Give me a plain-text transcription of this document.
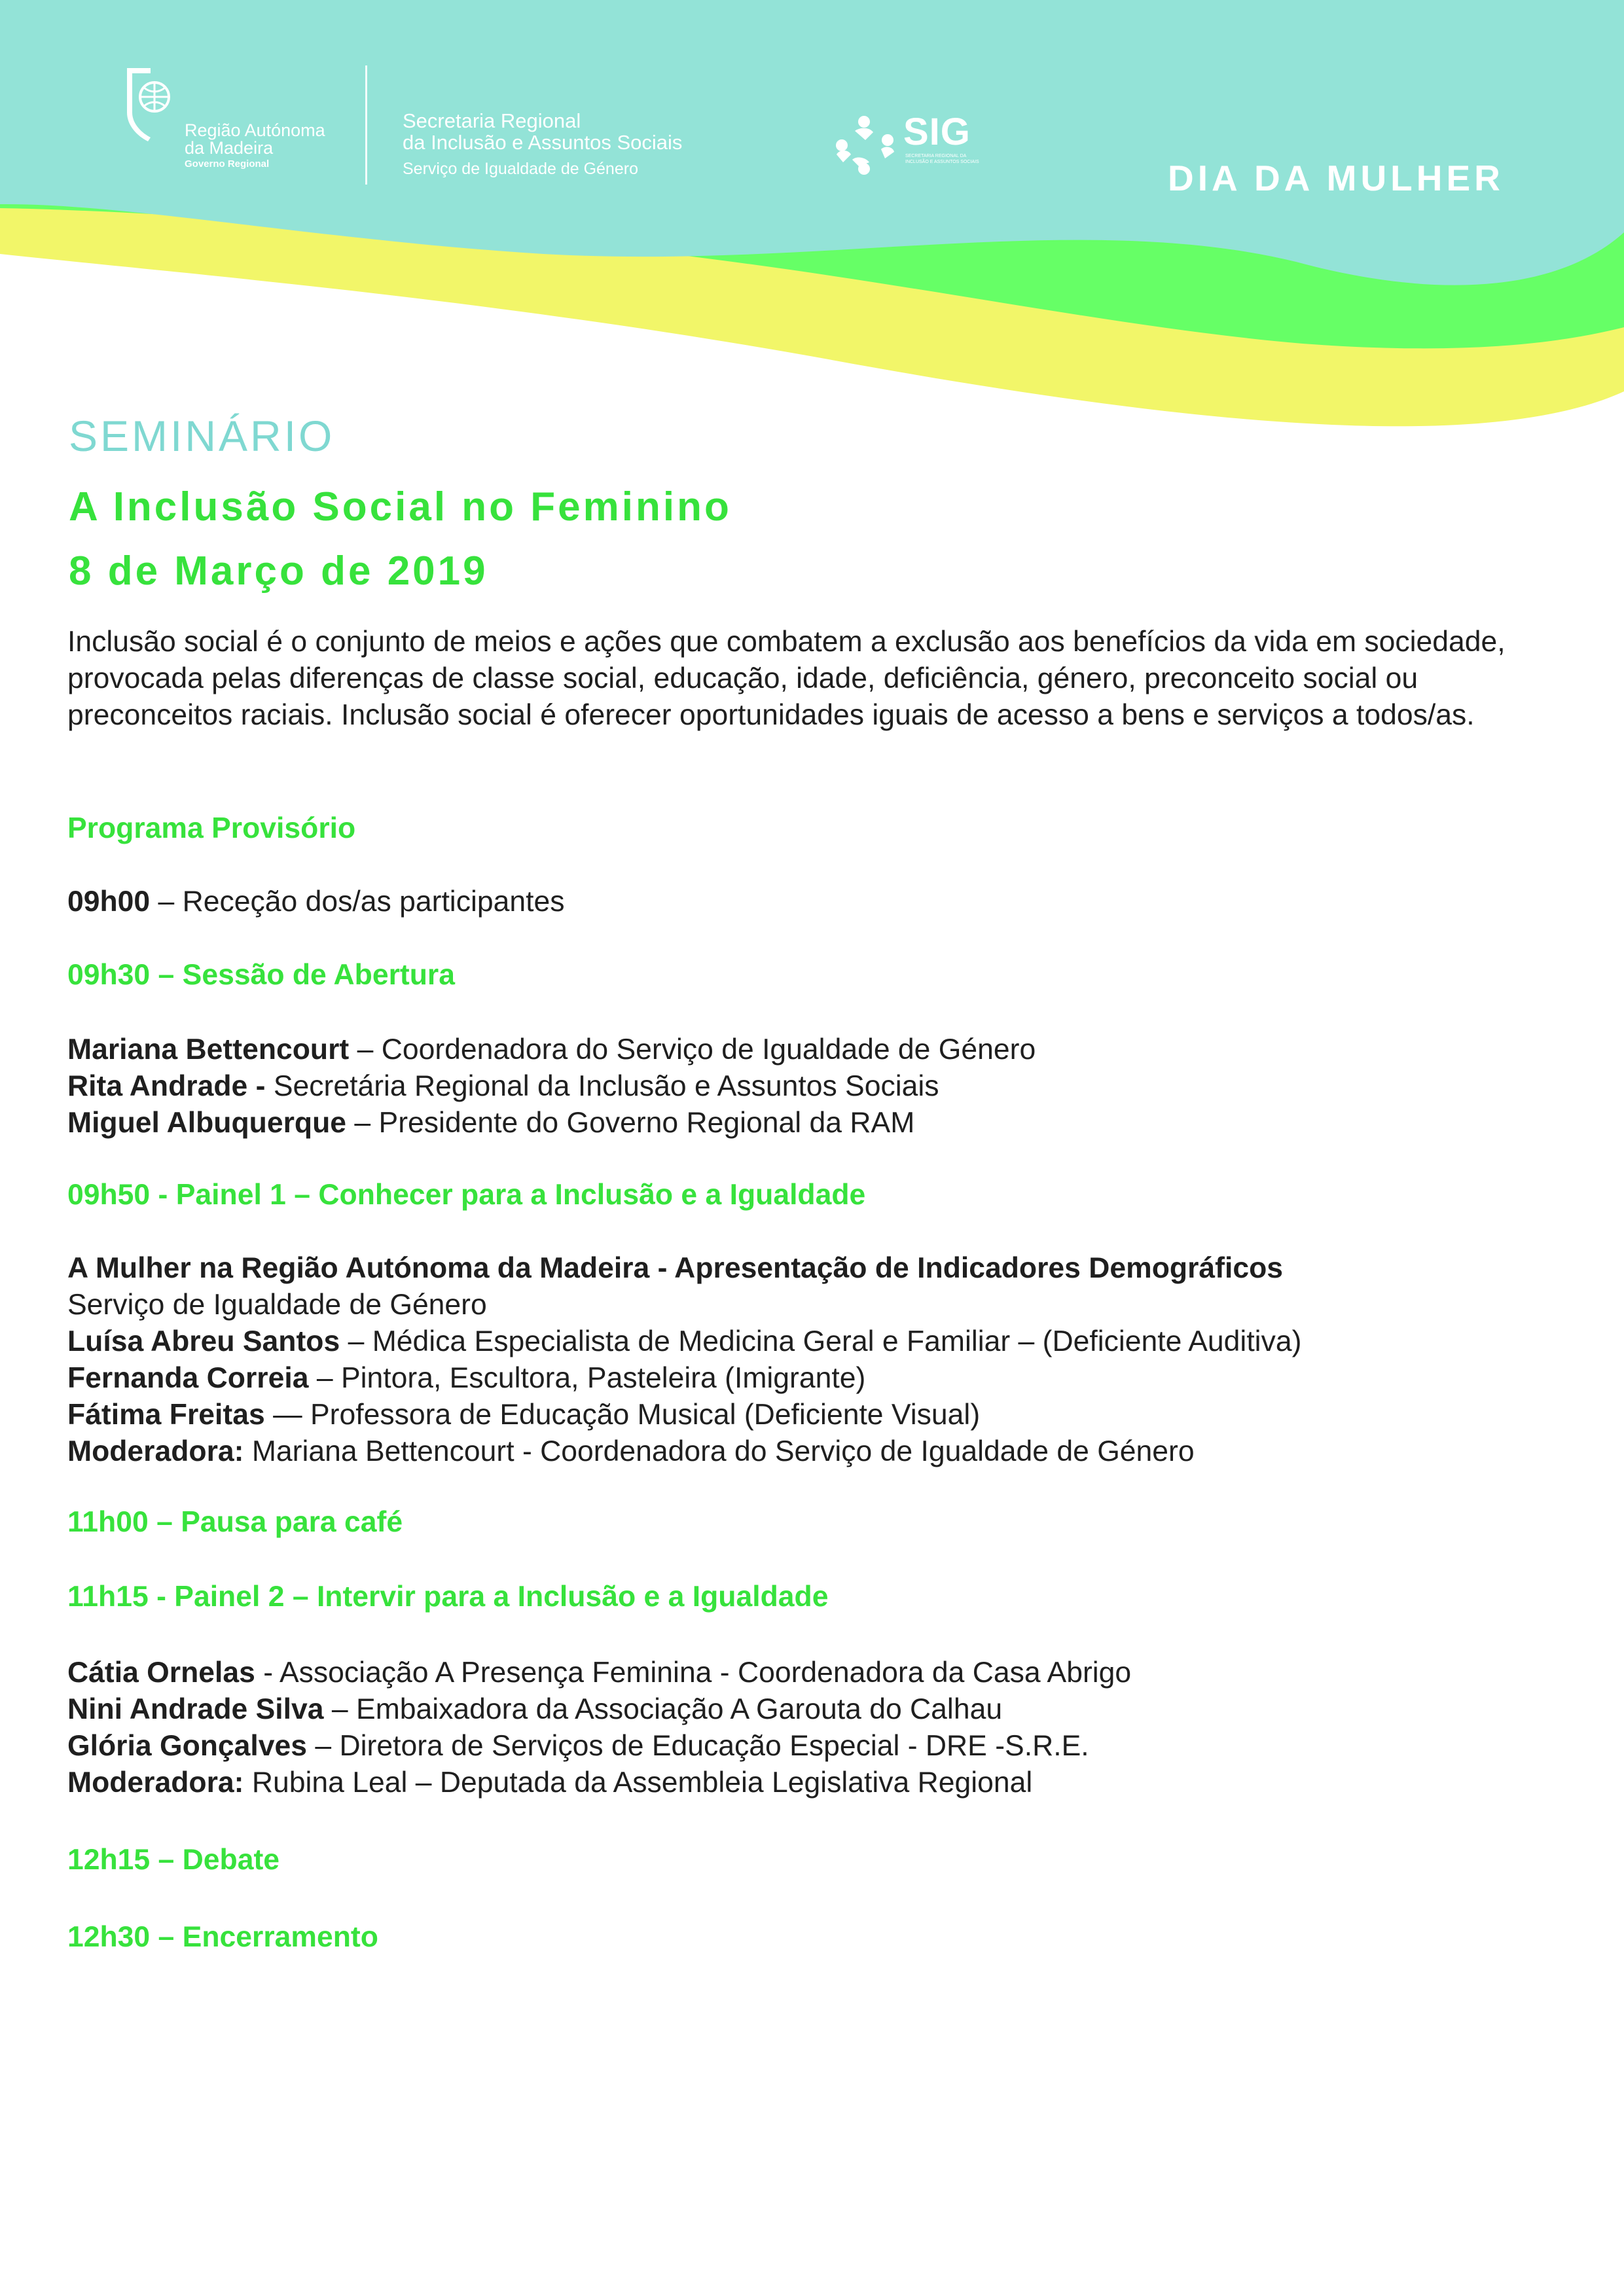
Região Autónoma
da Madeira
Governo Regional
Secretaria Regional
da Inclusão e Assuntos Sociais
Serviço de Igualdade de Género
SIG
SECRETARIA REGIONAL DA INCLUSÃO E ASSUNTOS SOCIAIS	DIA DA MULHER
SEMINÁRIO
A Inclusão Social no Feminino
8 de Março de 2019
Inclusão social é o conjunto de meios e ações que combatem a exclusão aos benefícios da vida em sociedade, provocada pelas diferenças de classe social, educação, idade, deficiência, género, preconceito social ou preconceitos raciais. Inclusão social é oferecer oportunidades iguais de acesso a bens e serviços a todos/as.
Programa Provisório
09h00 – Receção dos/as participantes
09h30 – Sessão de Abertura
Mariana Bettencourt – Coordenadora do Serviço de Igualdade de Género
Rita Andrade - Secretária Regional da Inclusão e Assuntos Sociais
Miguel Albuquerque – Presidente do Governo Regional da RAM
09h50 - Painel 1 – Conhecer para a Inclusão e a Igualdade
A Mulher na Região Autónoma da Madeira - Apresentação de Indicadores Demográficos
Serviço de Igualdade de Género
Luísa Abreu Santos – Médica Especialista de Medicina Geral e Familiar – (Deficiente Auditiva)
Fernanda Correia – Pintora, Escultora, Pasteleira (Imigrante)
Fátima Freitas — Professora de Educação Musical (Deficiente Visual)
Moderadora: Mariana Bettencourt - Coordenadora do Serviço de Igualdade de Género
11h00 – Pausa para café
11h15 - Painel 2 – Intervir para a Inclusão e a Igualdade
Cátia Ornelas - Associação A Presença Feminina - Coordenadora da Casa Abrigo
Nini Andrade Silva – Embaixadora da Associação A Garouta do Calhau
Glória Gonçalves – Diretora de Serviços de Educação Especial - DRE -S.R.E.
Moderadora: Rubina Leal – Deputada da Assembleia Legislativa Regional
12h15 – Debate
12h30 – Encerramento
